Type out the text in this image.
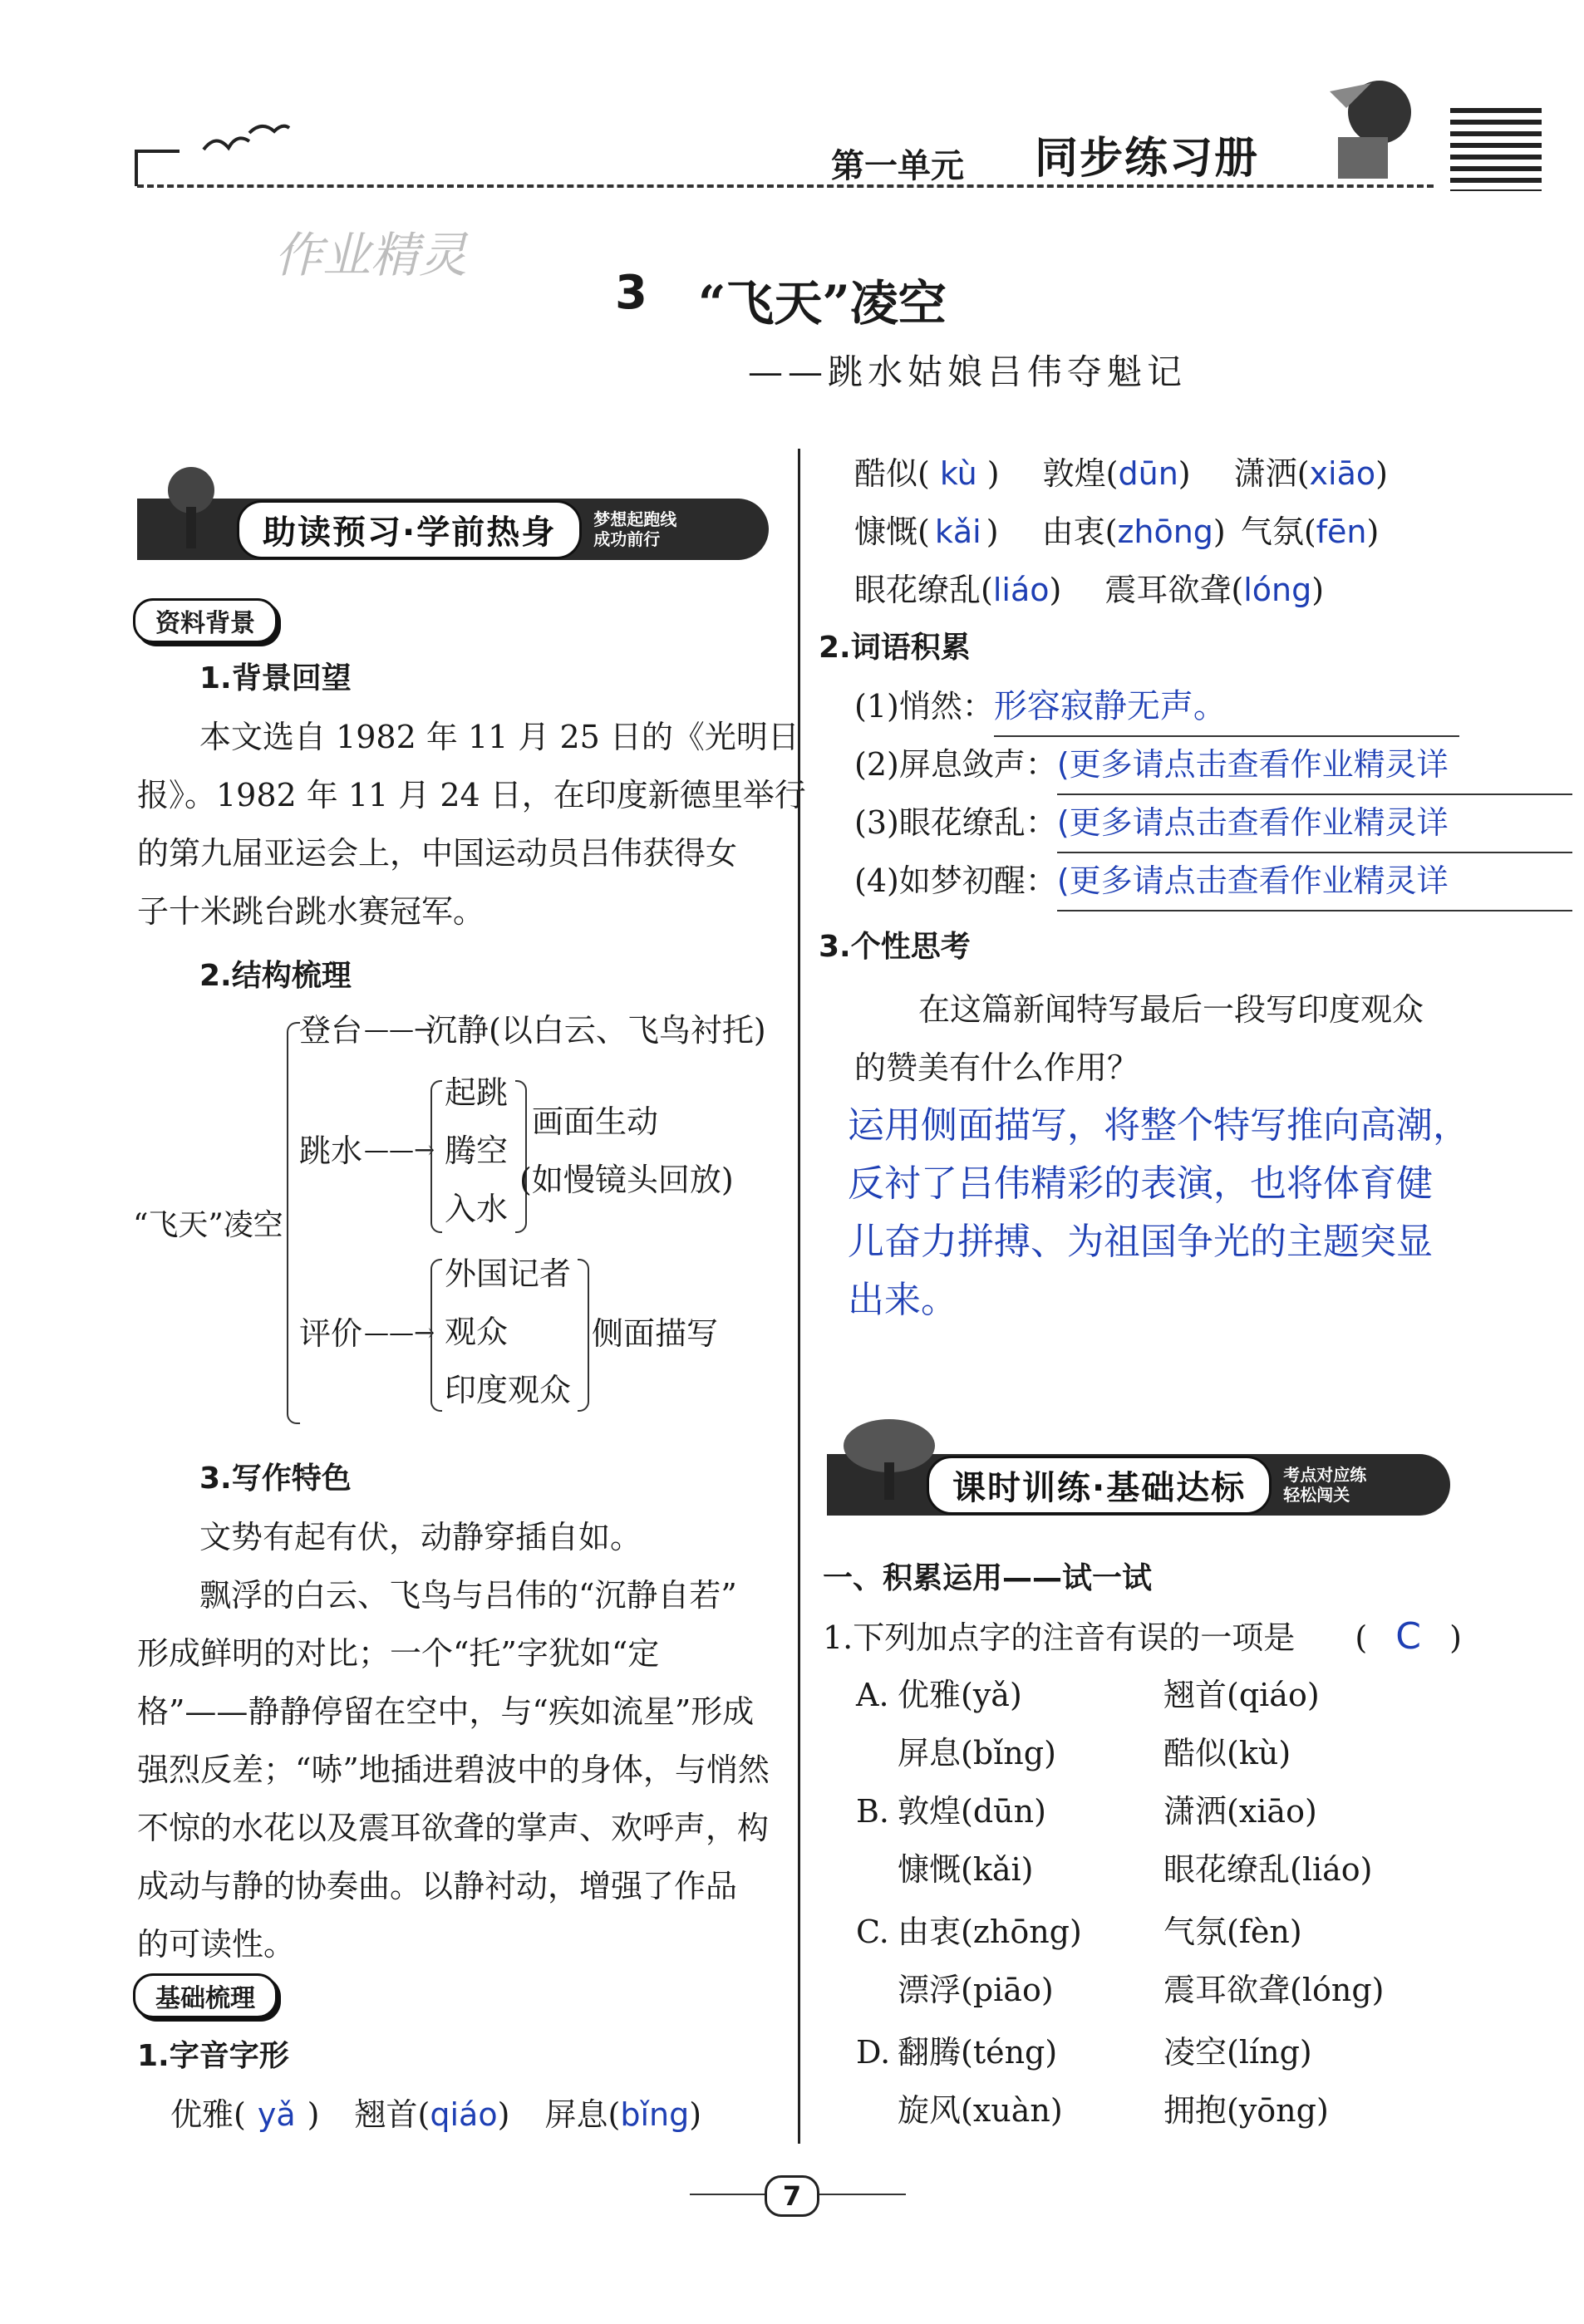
第一单元 同步练习册
作业精灵
3 “飞天”凌空
——跳水姑娘吕伟夺魁记
助读预习·学前热身	梦想起跑线
成功前行
资料背景
1.背景回望
本文选自 1982 年 11 月 25 日的《光明日
报》。1982 年 11 月 24 日，在印度新德里举行
的第九届亚运会上，中国运动员吕伟获得女
子十米跳台跳水赛冠军。
2.结构梳理
“飞天”凌空
登台 ——→
沉静(以白云、飞鸟衬托)
跳水 ——→
起跳
腾空
入水
画面生动
(如慢镜头回放)
评价 ——→
外国记者
观众
印度观众
侧面描写
3.写作特色
文势有起有伏，动静穿插自如。
飘浮的白云、飞鸟与吕伟的“沉静自若”
形成鲜明的对比；一个“托”字犹如“定
格”——静静停留在空中，与“疾如流星”形成
强烈反差；“哧”地插进碧波中的身体，与悄然
不惊的水花以及震耳欲聋的掌声、欢呼声，构
成动与静的协奏曲。以静衬动，增强了作品
的可读性。
基础梳理
1.字音字形
优雅( yǎ ) 翘首(qiáo) 屏息(bǐng)
酷似( kù ) 敦煌(dūn) 潇洒(xiāo)
慷慨( kǎi ) 由衷(zhōng) 气氛(fēn)
眼花缭乱(liáo) 震耳欲聋(lóng)
2.词语积累
(1)悄然：形容寂静无声。
(2)屏息敛声：(更多请点击查看作业精灵详
(3)眼花缭乱：(更多请点击查看作业精灵详
(4)如梦初醒：(更多请点击查看作业精灵详
3.个性思考
在这篇新闻特写最后一段写印度观众
的赞美有什么作用？
运用侧面描写，将整个特写推向高潮，
反衬了吕伟精彩的表演，也将体育健
儿奋力拼搏、为祖国争光的主题突显
出来。
课时训练·基础达标	考点对应练
轻松闯关
一、积累运用——试一试
1.下列加点字的注音有误的一项是 ( C )
A. 优雅(yǎ)	翘首(qiáo)
屏息(bǐng)	酷似(kù)
B. 敦煌(dūn)	潇洒(xiāo)
慷慨(kǎi)	眼花缭乱(liáo)
C. 由衷(zhōng)	气氛(fèn)
漂浮(piāo)	震耳欲聋(lóng)
D. 翻腾(téng)	凌空(líng)
旋风(xuàn)	拥抱(yōng)
7
